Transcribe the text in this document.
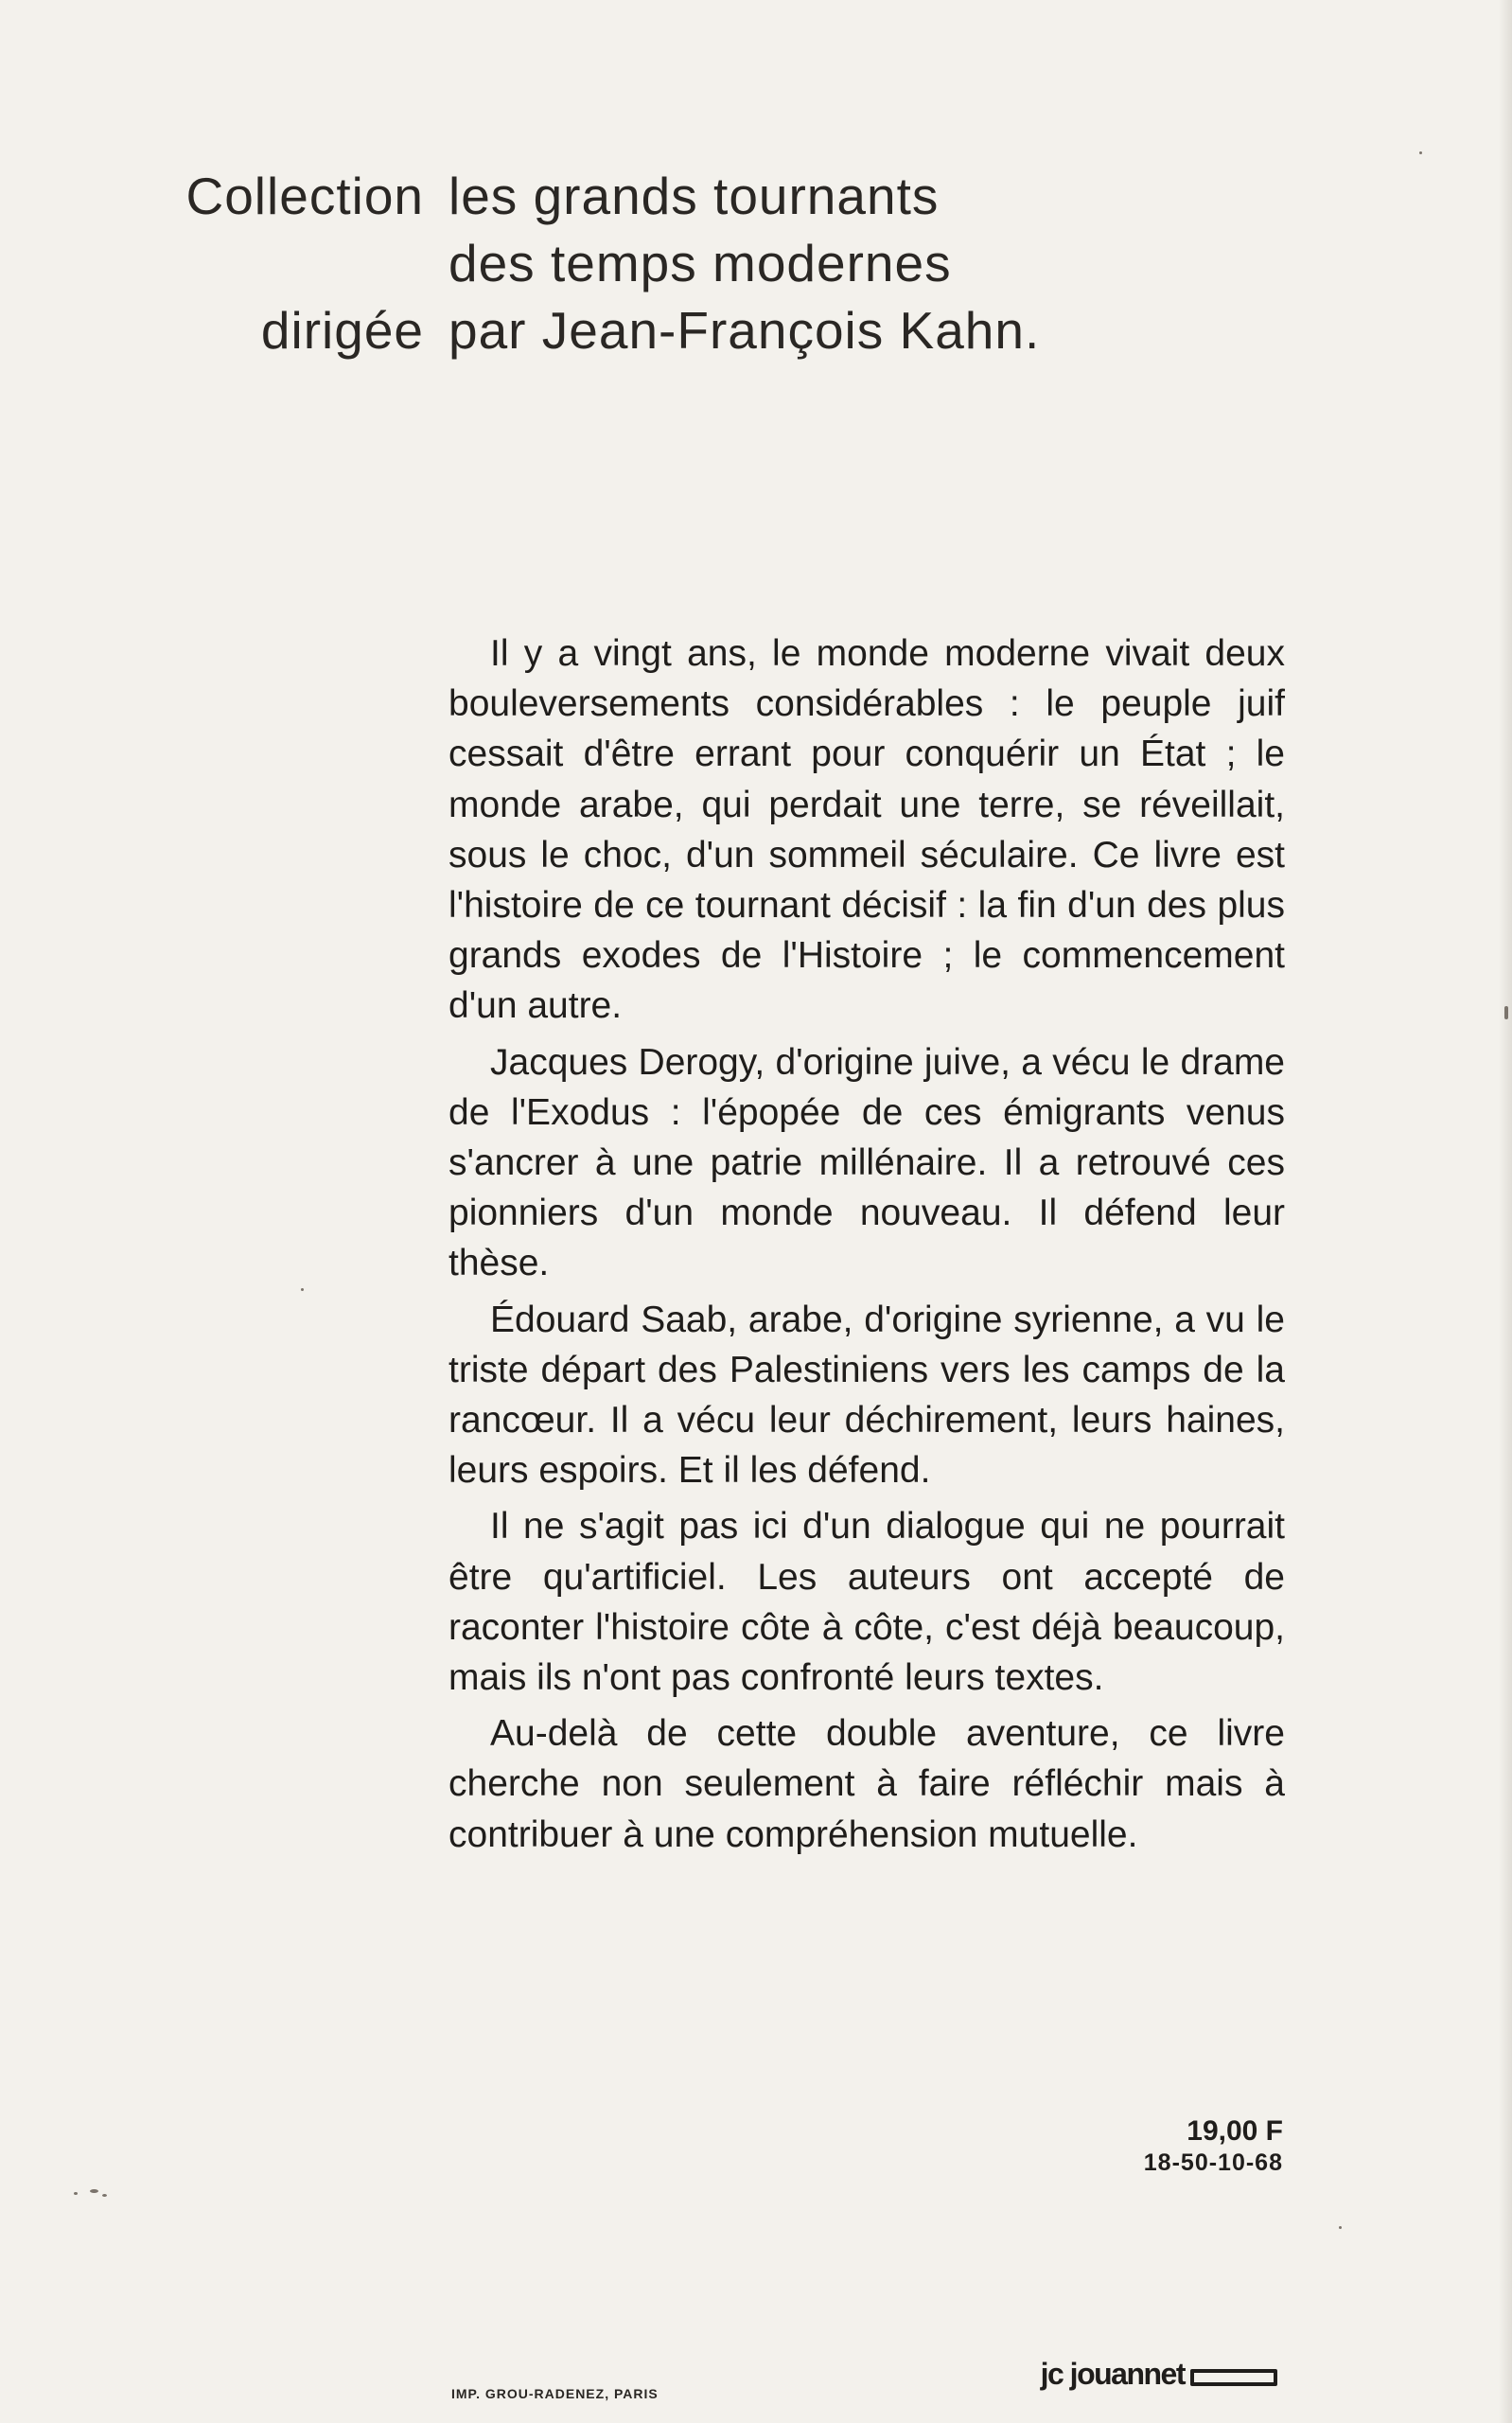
Collection les grands tournants
des temps modernes
dirigée par Jean-François Kahn.

Il y a vingt ans, le monde moderne vivait deux bouleversements considérables : le peuple juif cessait d'être errant pour conquérir un État ; le monde arabe, qui perdait une terre, se réveillait, sous le choc, d'un sommeil séculaire. Ce livre est l'histoire de ce tournant décisif : la fin d'un des plus grands exodes de l'Histoire ; le commencement d'un autre.

Jacques Derogy, d'origine juive, a vécu le drame de l'Exodus : l'épopée de ces émigrants venus s'ancrer à une patrie millénaire. Il a retrouvé ces pionniers d'un monde nouveau. Il défend leur thèse.

Édouard Saab, arabe, d'origine syrienne, a vu le triste départ des Palestiniens vers les camps de la rancœur. Il a vécu leur déchirement, leurs haines, leurs espoirs. Et il les défend.

Il ne s'agit pas ici d'un dialogue qui ne pourrait être qu'artificiel. Les auteurs ont accepté de raconter l'histoire côte à côte, c'est déjà beaucoup, mais ils n'ont pas confronté leurs textes.

Au-delà de cette double aventure, ce livre cherche non seulement à faire réfléchir mais à contribuer à une compréhension mutuelle.

19,00 F
18-50-10-68
IMP. GROU-RADENEZ, PARIS
jc jouannet
